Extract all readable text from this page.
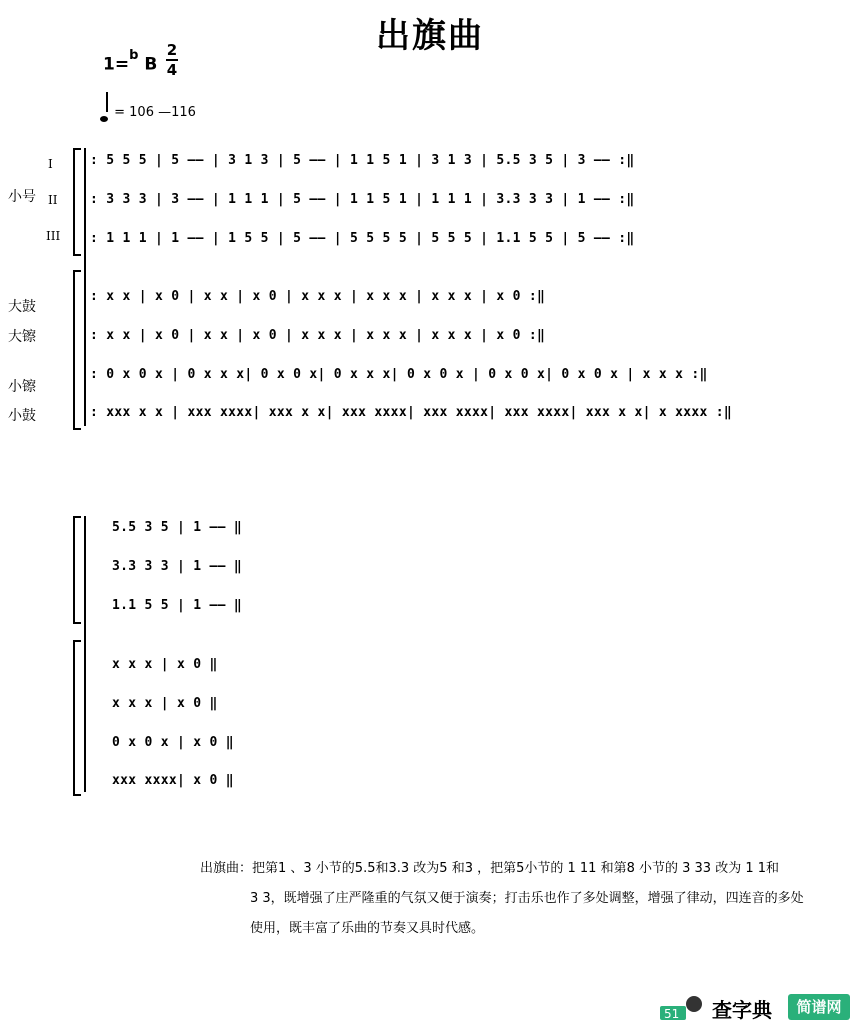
出旗曲
1=$^b$ B
2
4
= 106 —116
小号
I
II
III
大鼓
大镲
小镲
小鼓
: 5 5 5 | 5 —— | 3 1 3 | 5 —— | 1 1 5 1 | 3 1 3 | 5.5 3 5 | 3 —— :‖
: 3 3 3 | 3 —— | 1 1 1 | 5 —— | 1 1 5 1 | 1 1 1 | 3.3 3 3 | 1 —— :‖
: 1 1 1 | 1 —— | 1 5 5 | 5 —— | 5 5 5 5 | 5 5 5 | 1.1 5 5 | 5 —— :‖
: x x | x 0 | x x | x 0 | x x x | x x x | x x x | x 0 :‖
: x x | x 0 | x x | x 0 | x x x | x x x | x x x | x 0 :‖
: 0 x 0 x | 0 x x x| 0 x 0 x| 0 x x x| 0 x 0 x | 0 x 0 x| 0 x 0 x | x x x :‖
: xxx x x | xxx xxxx| xxx x x| xxx xxxx| xxx xxxx| xxx xxxx| xxx x x| x xxxx :‖
5.5 3 5 | 1 —— ‖
3.3 3 3 | 1 —— ‖
1.1 5 5 | 1 —— ‖
x x x | x 0 ‖
x x x | x 0 ‖
0 x 0 x | x 0 ‖
xxx xxxx| x 0 ‖
出旗曲：把第1 、3 小节的5.5和3.3 改为5 和3 ，把第5小节的 1 11 和第8 小节的 3 33 改为 1 1和
3 3，既增强了庄严隆重的气氛又便于演奏；打击乐也作了多处调整，增强了律动，四连音的多处
使用，既丰富了乐曲的节奏又具时代感。
51 查字典	简谱网
